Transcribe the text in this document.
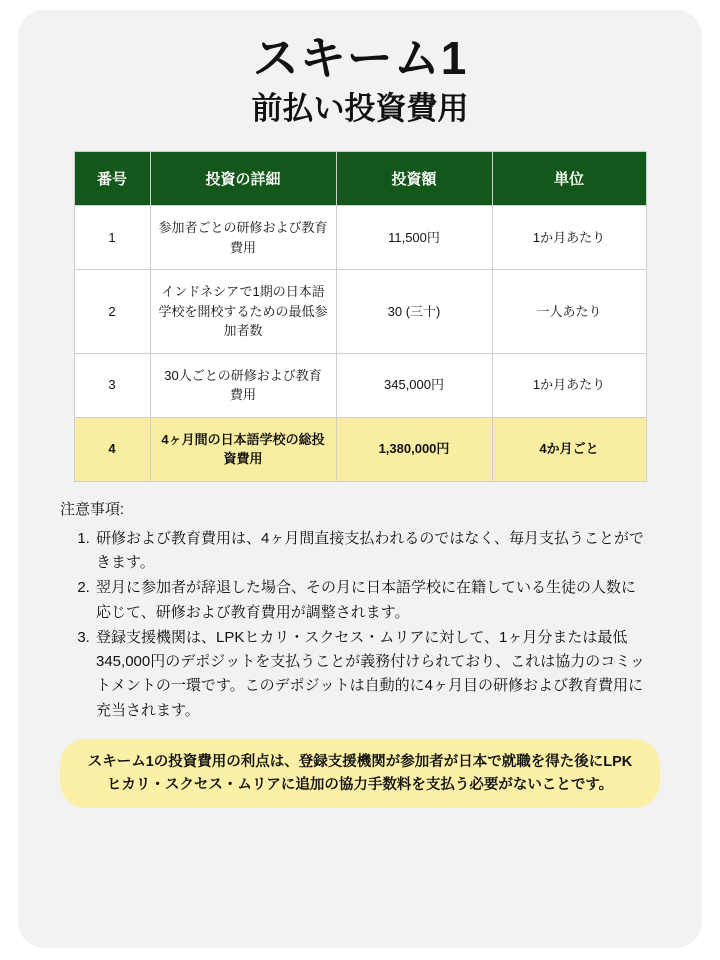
スキーム1
前払い投資費用
番号	投資の詳細	投資額	単位
1	参加者ごとの研修および教育費用	11,500円	1か月あたり
2	インドネシアで1期の日本語学校を開校するための最低参加者数	30 (三十)	一人あたり
3	30人ごとの研修および教育費用	345,000円	1か月あたり
4	4ヶ月間の日本語学校の総投資費用	1,380,000円	4か月ごと
注意事項:
1. 研修および教育費用は、4ヶ月間直接支払われるのではなく、毎月支払うことができます。
2. 翌月に参加者が辞退した場合、その月に日本語学校に在籍している生徒の人数に応じて、研修および教育費用が調整されます。
3. 登録支援機関は、LPKヒカリ・スクセス・ムリアに対して、1ヶ月分または最低345,000円のデポジットを支払うことが義務付けられており、これは協力のコミットメントの一環です。このデポジットは自動的に4ヶ月目の研修および教育費用に充当されます。
スキーム1の投資費用の利点は、登録支援機関が参加者が日本で就職を得た後にLPKヒカリ・スクセス・ムリアに追加の協力手数料を支払う必要がないことです。
